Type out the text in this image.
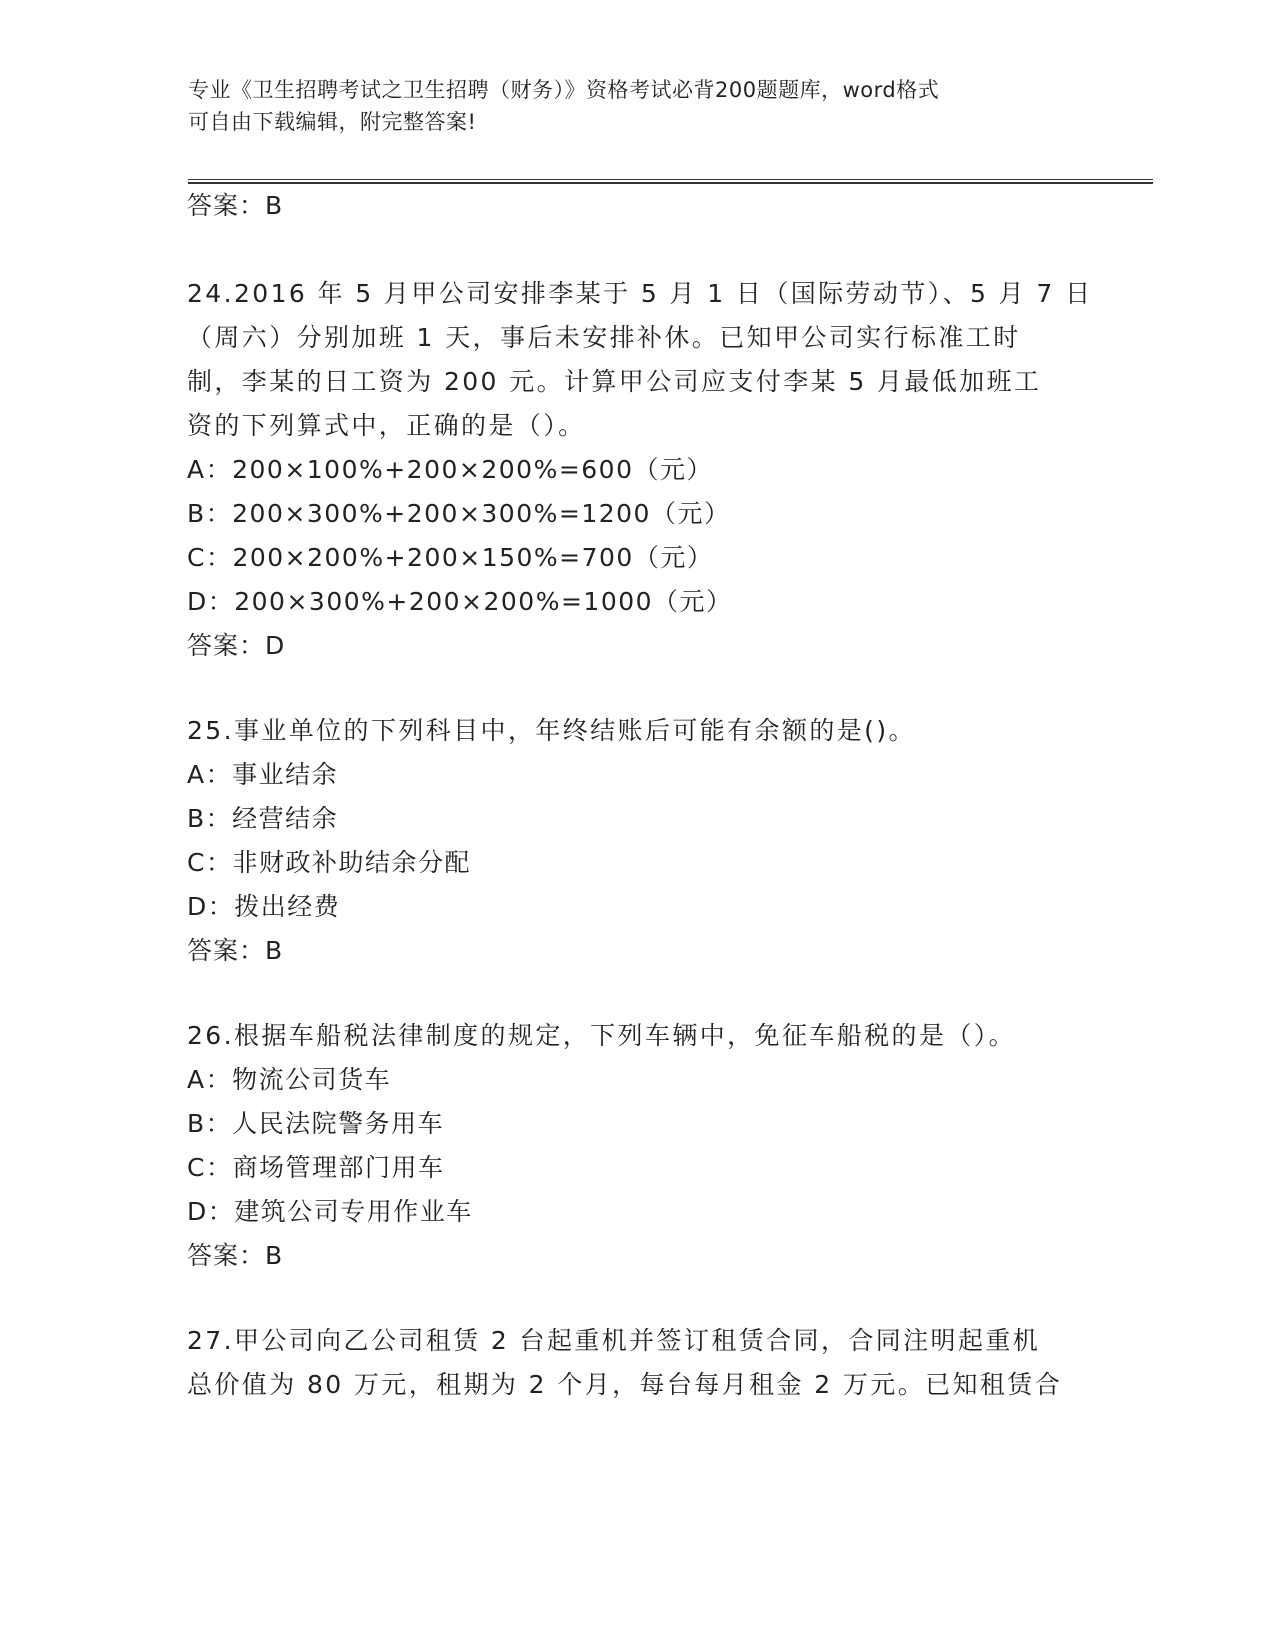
专业《卫生招聘考试之卫生招聘（财务）》资格考试必背200题题库，word格式
可自由下载编辑，附完整答案!
答案：B
24.2016 年 5 月甲公司安排李某于 5 月 1 日（国际劳动节）、5 月 7 日
（周六）分别加班 1 天，事后未安排补休。已知甲公司实行标准工时
制，李某的日工资为 200 元。计算甲公司应支付李某 5 月最低加班工
资的下列算式中，正确的是（）。
A：200×100%+200×200%=600（元）
B：200×300%+200×300%=1200（元）
C：200×200%+200×150%=700（元）
D：200×300%+200×200%=1000（元）
答案：D
25.事业单位的下列科目中，年终结账后可能有余额的是()。
A：事业结余
B：经营结余
C：非财政补助结余分配
D：拨出经费
答案：B
26.根据车船税法律制度的规定，下列车辆中，免征车船税的是（）。
A：物流公司货车
B：人民法院警务用车
C：商场管理部门用车
D：建筑公司专用作业车
答案：B
27.甲公司向乙公司租赁 2 台起重机并签订租赁合同，合同注明起重机
总价值为 80 万元，租期为 2 个月，每台每月租金 2 万元。已知租赁合
